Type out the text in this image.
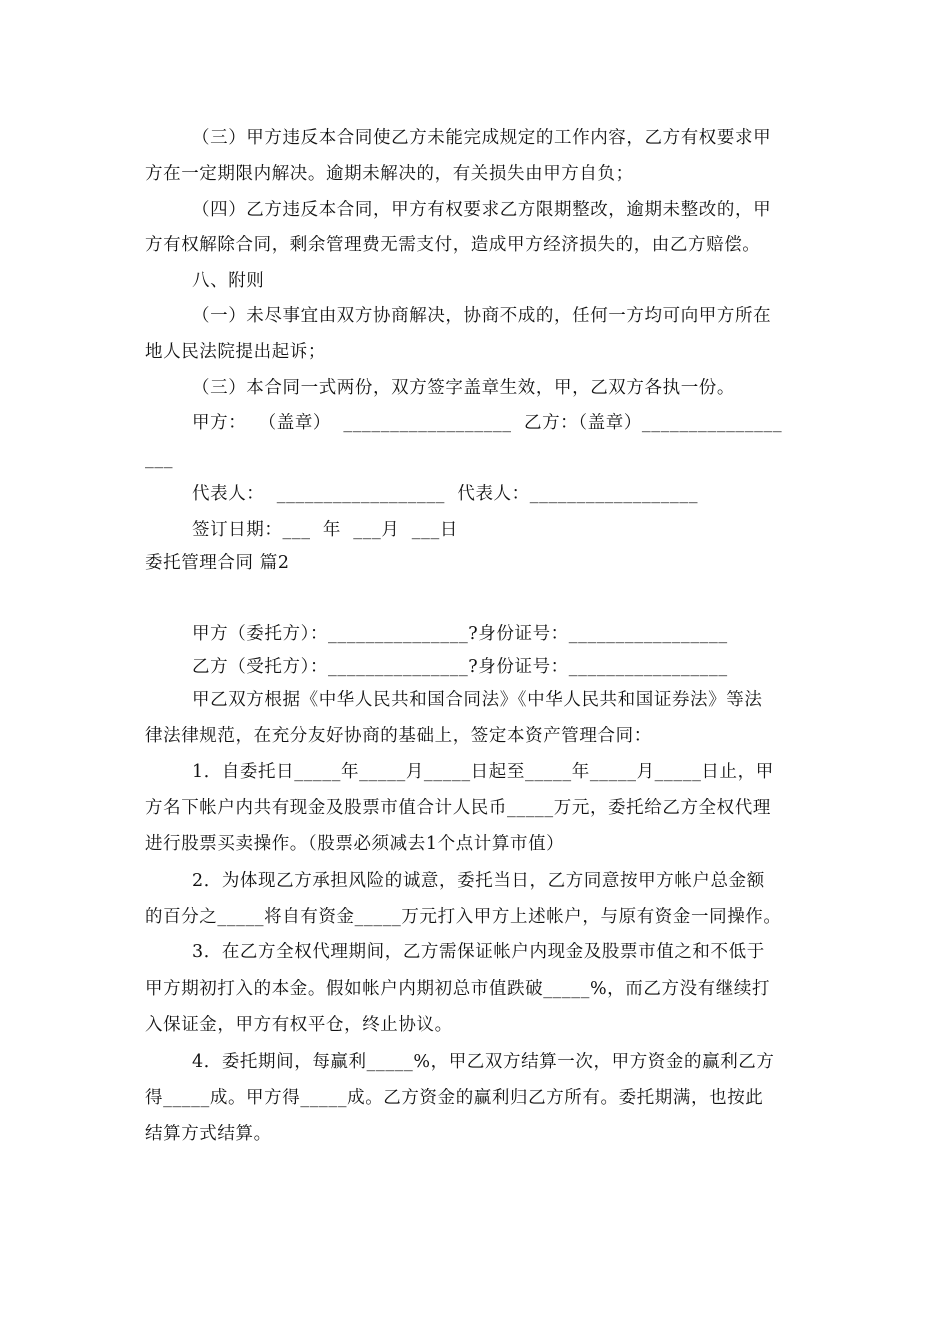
（三）甲方违反本合同使乙方未能完成规定的工作内容，乙方有权要求甲
方在一定期限内解决。逾期未解决的，有关损失由甲方自负；
（四）乙方违反本合同，甲方有权要求乙方限期整改，逾期未整改的，甲
方有权解除合同，剩余管理费无需支付，造成甲方经济损失的，由乙方赔偿。
八、附则
（一）未尽事宜由双方协商解决，协商不成的，任何一方均可向甲方所在
地人民法院提出起诉；
（三）本合同一式两份，双方签字盖章生效，甲，乙双方各执一份。
甲方：  （盖章）  __________________  乙方：（盖章）_______________
___
代表人：  __________________  代表人：__________________
签订日期：___  年  ___月  ___日
委托管理合同 篇2
甲方（委托方）：_______________?身份证号：_________________
乙方（受托方）：_______________?身份证号：_________________
甲乙双方根据《中华人民共和国合同法》《中华人民共和国证券法》等法
律法律规范，在充分友好协商的基础上，签定本资产管理合同：
1．自委托日_____年_____月_____日起至_____年_____月_____日止，甲
方名下帐户内共有现金及股票市值合计人民币_____万元，委托给乙方全权代理
进行股票买卖操作。（股票必须减去1个点计算市值）
2．为体现乙方承担风险的诚意，委托当日，乙方同意按甲方帐户总金额
的百分之_____将自有资金_____万元打入甲方上述帐户，与原有资金一同操作。
3．在乙方全权代理期间，乙方需保证帐户内现金及股票市值之和不低于
甲方期初打入的本金。假如帐户内期初总市值跌破_____%，而乙方没有继续打
入保证金，甲方有权平仓，终止协议。
4．委托期间，每赢利_____%，甲乙双方结算一次，甲方资金的赢利乙方
得_____成。甲方得_____成。乙方资金的赢利归乙方所有。委托期满，也按此
结算方式结算。
